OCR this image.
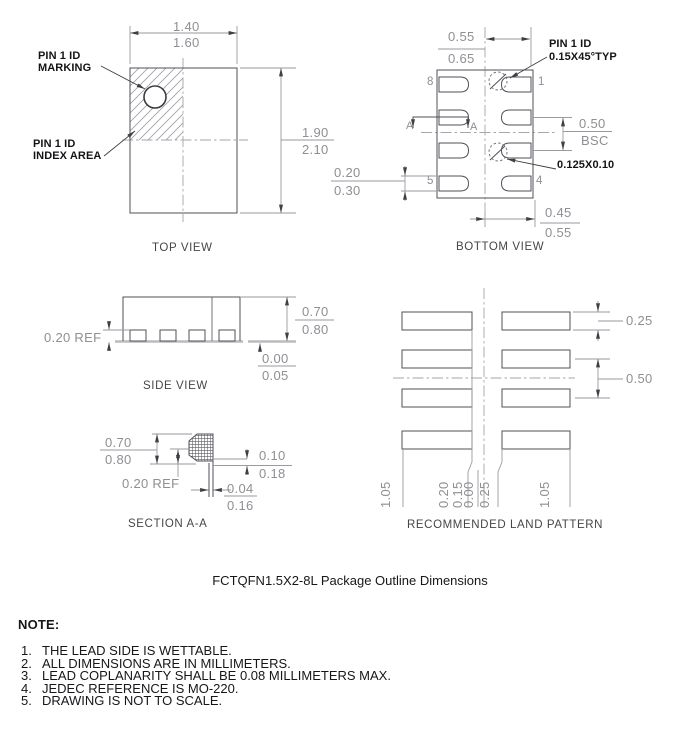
1.40
1.60
1.90
2.10
PIN 1 ID
MARKING
PIN 1 ID
INDEX AREA
TOP VIEW
0.55
0.65
PIN 1 ID
0.15X45°TYP
8	1
5	4
A	A	0.50
BSC
0.125X0.10
0.20
0.30
0.45
0.55
BOTTOM VIEW
0.70
0.80
0.20 REF
0.00
0.05
SIDE VIEW
0.70
0.80
0.20 REF
0.10
0.18
0.04
0.16
SECTION A-A
0.25
0.50
1.05	0.20 0.15
0.00 0.25	1.05
RECOMMENDED LAND PATTERN
FCTQFN1.5X2-8L Package Outline Dimensions
NOTE:
1. THE LEAD SIDE IS WETTABLE.
2. ALL DIMENSIONS ARE IN MILLIMETERS.
3. LEAD COPLANARITY SHALL BE 0.08 MILLIMETERS MAX.
4. JEDEC REFERENCE IS MO-220.
5. DRAWING IS NOT TO SCALE.
